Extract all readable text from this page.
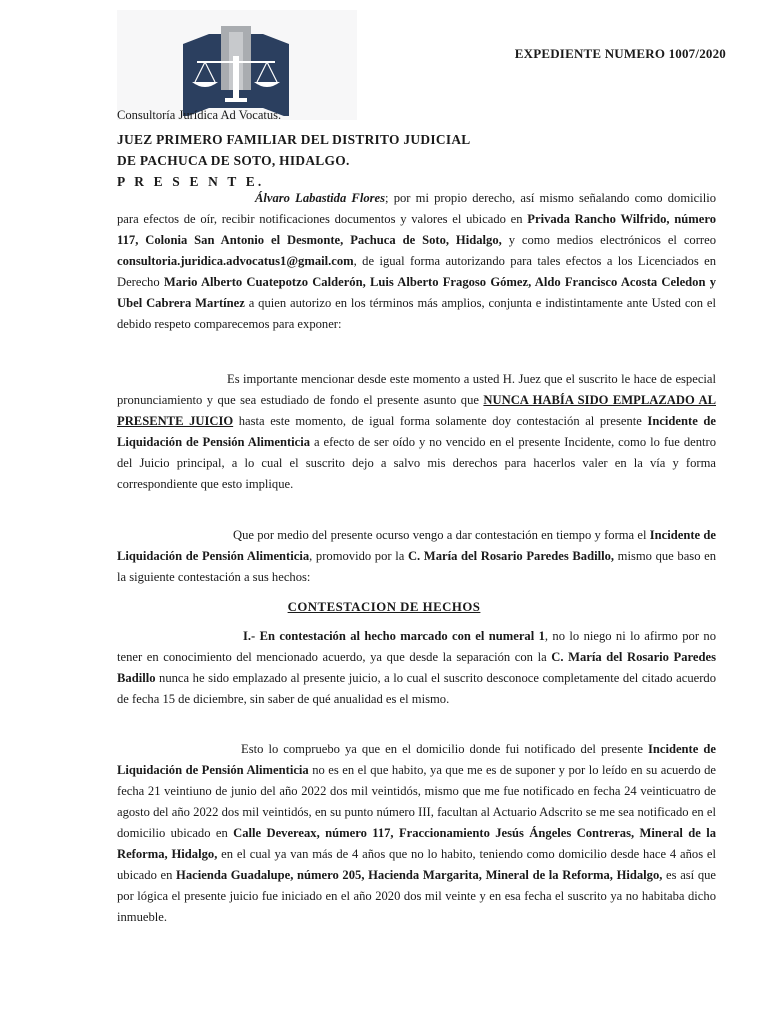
Consultoría Jurídica Ad Vocatus.
EXPEDIENTE NUMERO 1007/2020
JUEZ PRIMERO FAMILIAR DEL DISTRITO JUDICIAL
DE PACHUCA DE SOTO, HIDALGO.
P R E S E N T E.

Álvaro Labastida Flores; por mi propio derecho, así mismo señalando como domicilio para efectos de oír, recibir notificaciones documentos y valores el ubicado en Privada Rancho Wilfrido, número 117, Colonia San Antonio el Desmonte, Pachuca de Soto, Hidalgo, y como medios electrónicos el correo consultoria.juridica.advocatus1@gmail.com, de igual forma autorizando para tales efectos a los Licenciados en Derecho Mario Alberto Cuatepotzo Calderón, Luis Alberto Fragoso Gómez, Aldo Francisco Acosta Celedon y Ubel Cabrera Martínez a quien autorizo en los términos más amplios, conjunta e indistintamente ante Usted con el debido respeto comparecemos para exponer:

Es importante mencionar desde este momento a usted H. Juez que el suscrito le hace de especial pronunciamiento y que sea estudiado de fondo el presente asunto que NUNCA HABÍA SIDO EMPLAZADO AL PRESENTE JUICIO hasta este momento, de igual forma solamente doy contestación al presente Incidente de Liquidación de Pensión Alimenticia a efecto de ser oído y no vencido en el presente Incidente, como lo fue dentro del Juicio principal, a lo cual el suscrito dejo a salvo mis derechos para hacerlos valer en la vía y forma correspondiente que esto implique.

Que por medio del presente ocurso vengo a dar contestación en tiempo y forma el Incidente de Liquidación de Pensión Alimenticia, promovido por la C. María del Rosario Paredes Badillo, mismo que baso en la siguiente contestación a sus hechos:

CONTESTACION DE HECHOS

I.- En contestación al hecho marcado con el numeral 1, no lo niego ni lo afirmo por no tener en conocimiento del mencionado acuerdo, ya que desde la separación con la C. María del Rosario Paredes Badillo nunca he sido emplazado al presente juicio, a lo cual el suscrito desconoce completamente del citado acuerdo de fecha 15 de diciembre, sin saber de qué anualidad es el mismo.

Esto lo compruebo ya que en el domicilio donde fui notificado del presente Incidente de Liquidación de Pensión Alimenticia no es en el que habito, ya que me es de suponer y por lo leído en su acuerdo de fecha 21 veintiuno de junio del año 2022 dos mil veintidós, mismo que me fue notificado en fecha 24 veinticuatro de agosto del año 2022 dos mil veintidós, en su punto número III, facultan al Actuario Adscrito se me sea notificado en el domicilio ubicado en Calle Devereax, número 117, Fraccionamiento Jesús Ángeles Contreras, Mineral de la Reforma, Hidalgo, en el cual ya van más de 4 años que no lo habito, teniendo como domicilio desde hace 4 años el ubicado en Hacienda Guadalupe, número 205, Hacienda Margarita, Mineral de la Reforma, Hidalgo, es así que por lógica el presente juicio fue iniciado en el año 2020 dos mil veinte y en esa fecha el suscrito ya no habitaba dicho inmueble.
